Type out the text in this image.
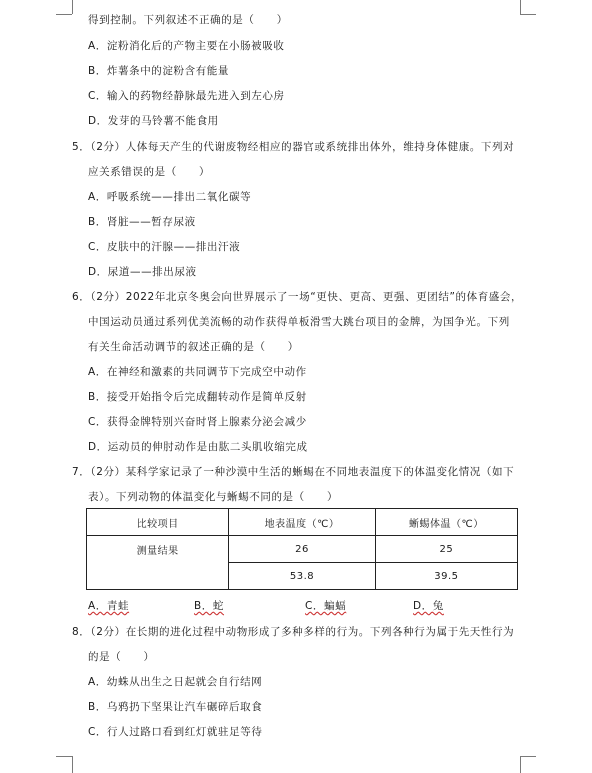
得到控制。下列叙述不正确的是（　　）
A．淀粉消化后的产物主要在小肠被吸收
B．炸薯条中的淀粉含有能量
C．输入的药物经静脉最先进入到左心房
D．发芽的马铃薯不能食用
5．（2分）人体每天产生的代谢废物经相应的器官或系统排出体外，维持身体健康。下列对
应关系错误的是（　　）
A．呼吸系统——排出二氧化碳等
B．肾脏——暂存尿液
C．皮肤中的汗腺——排出汗液
D．尿道——排出尿液
6．（2分）2022年北京冬奥会向世界展示了一场“更快、更高、更强、更团结”的体育盛会，
中国运动员通过系列优美流畅的动作获得单板滑雪大跳台项目的金牌，为国争光。下列
有关生命活动调节的叙述正确的是（　　）
A．在神经和激素的共同调节下完成空中动作
B．接受开始指令后完成翻转动作是简单反射
C．获得金牌特别兴奋时肾上腺素分泌会减少
D．运动员的伸肘动作是由肱二头肌收缩完成
7．（2分）某科学家记录了一种沙漠中生活的蜥蜴在不同地表温度下的体温变化情况（如下
表）。下列动物的体温变化与蜥蜴不同的是（　　）
8．（2分）在长期的进化过程中动物形成了多种多样的行为。下列各种行为属于先天性行为
的是（　　）
A．幼蛛从出生之日起就会自行结网
B．乌鸦扔下坚果让汽车碾碎后取食
C．行人过路口看到红灯就驻足等待
比较项目	地表温度（℃）	蜥蜴体温（℃）
测量结果	26	25
	53.8	39.5
A．青蛙	B．蛇	C．蝙蝠	D．兔
